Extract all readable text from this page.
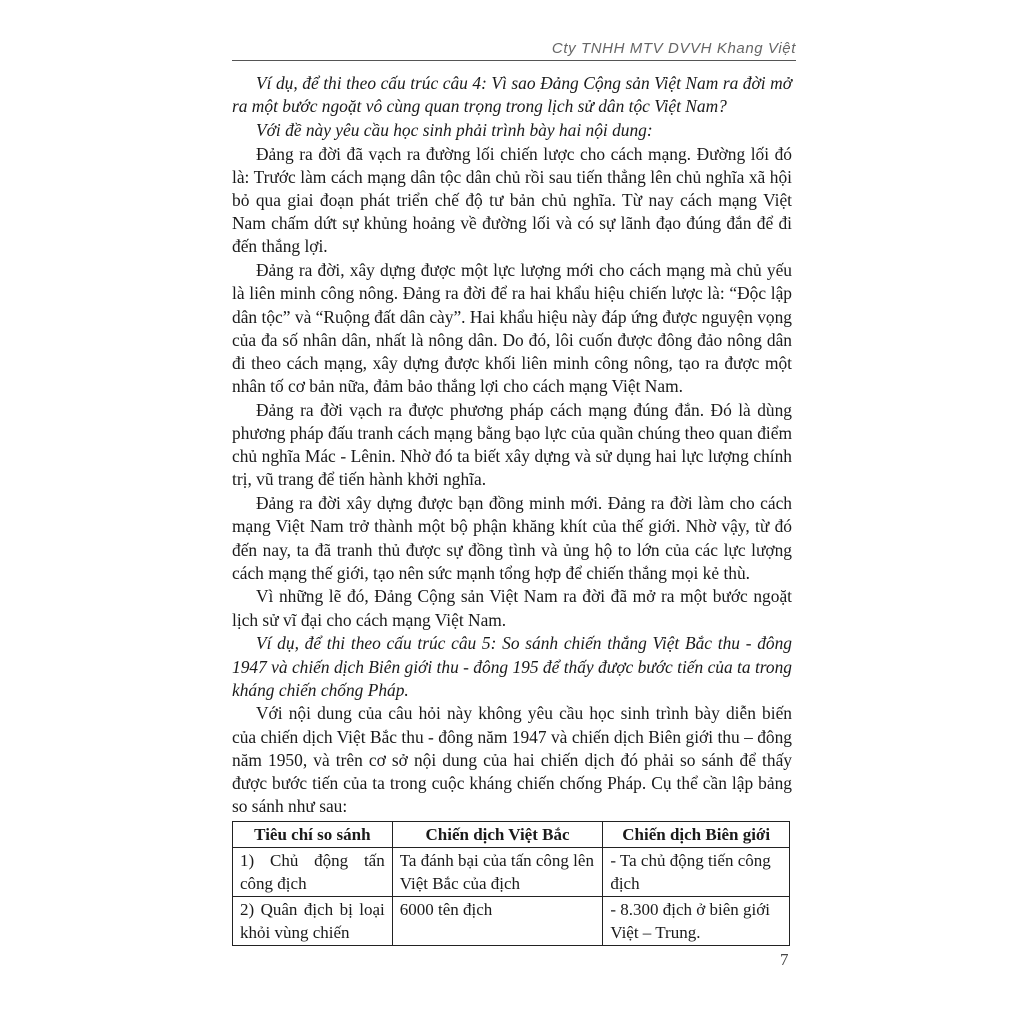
Cty TNHH MTV DVVH Khang Việt

Ví dụ, để thi theo cấu trúc câu 4: Vì sao Đảng Cộng sản Việt Nam ra đời mở ra một bước ngoặt vô cùng quan trọng trong lịch sử dân tộc Việt Nam?

Với đề này yêu cầu học sinh phải trình bày hai nội dung:

Đảng ra đời đã vạch ra đường lối chiến lược cho cách mạng. Đường lối đó là: Trước làm cách mạng dân tộc dân chủ rồi sau tiến thẳng lên chủ nghĩa xã hội bỏ qua giai đoạn phát triển chế độ tư bản chủ nghĩa. Từ nay cách mạng Việt Nam chấm dứt sự khủng hoảng về đường lối và có sự lãnh đạo đúng đắn để đi đến thắng lợi.

Đảng ra đời, xây dựng được một lực lượng mới cho cách mạng mà chủ yếu là liên minh công nông. Đảng ra đời để ra hai khẩu hiệu chiến lược là: “Độc lập dân tộc” và “Ruộng đất dân cày”. Hai khẩu hiệu này đáp ứng được nguyện vọng của đa số nhân dân, nhất là nông dân. Do đó, lôi cuốn được đông đảo nông dân đi theo cách mạng, xây dựng được khối liên minh công nông, tạo ra được một nhân tố cơ bản nữa, đảm bảo thắng lợi cho cách mạng Việt Nam.

Đảng ra đời vạch ra được phương pháp cách mạng đúng đắn. Đó là dùng phương pháp đấu tranh cách mạng bằng bạo lực của quần chúng theo quan điểm chủ nghĩa Mác - Lênin. Nhờ đó ta biết xây dựng và sử dụng hai lực lượng chính trị, vũ trang để tiến hành khởi nghĩa.

Đảng ra đời xây dựng được bạn đồng minh mới. Đảng ra đời làm cho cách mạng Việt Nam trở thành một bộ phận khăng khít của thế giới. Nhờ vậy, từ đó đến nay, ta đã tranh thủ được sự đồng tình và ủng hộ to lớn của các lực lượng cách mạng thế giới, tạo nên sức mạnh tổng hợp để chiến thắng mọi kẻ thù.

Vì những lẽ đó, Đảng Cộng sản Việt Nam ra đời đã mở ra một bước ngoặt lịch sử vĩ đại cho cách mạng Việt Nam.

Ví dụ, để thi theo cấu trúc câu 5: So sánh chiến thắng Việt Bắc thu - đông 1947 và chiến dịch Biên giới thu - đông 195 để thấy được bước tiến của ta trong kháng chiến chống Pháp.

Với nội dung của câu hỏi này không yêu cầu học sinh trình bày diễn biến của chiến dịch Việt Bắc thu - đông năm 1947 và chiến dịch Biên giới thu – đông năm 1950, và trên cơ sở nội dung của hai chiến dịch đó phải so sánh để thấy được bước tiến của ta trong cuộc kháng chiến chống Pháp. Cụ thể cần lập bảng so sánh như sau:

Tiêu chí so sánh	Chiến dịch Việt Bắc	Chiến dịch Biên giới
1) Chủ động tấn công địch	Ta đánh bại của tấn công lên Việt Bắc của địch	- Ta chủ động tiến công địch
2) Quân địch bị loại khỏi vùng chiến	6000 tên địch	- 8.300 địch ở biên giới Việt – Trung.
7
